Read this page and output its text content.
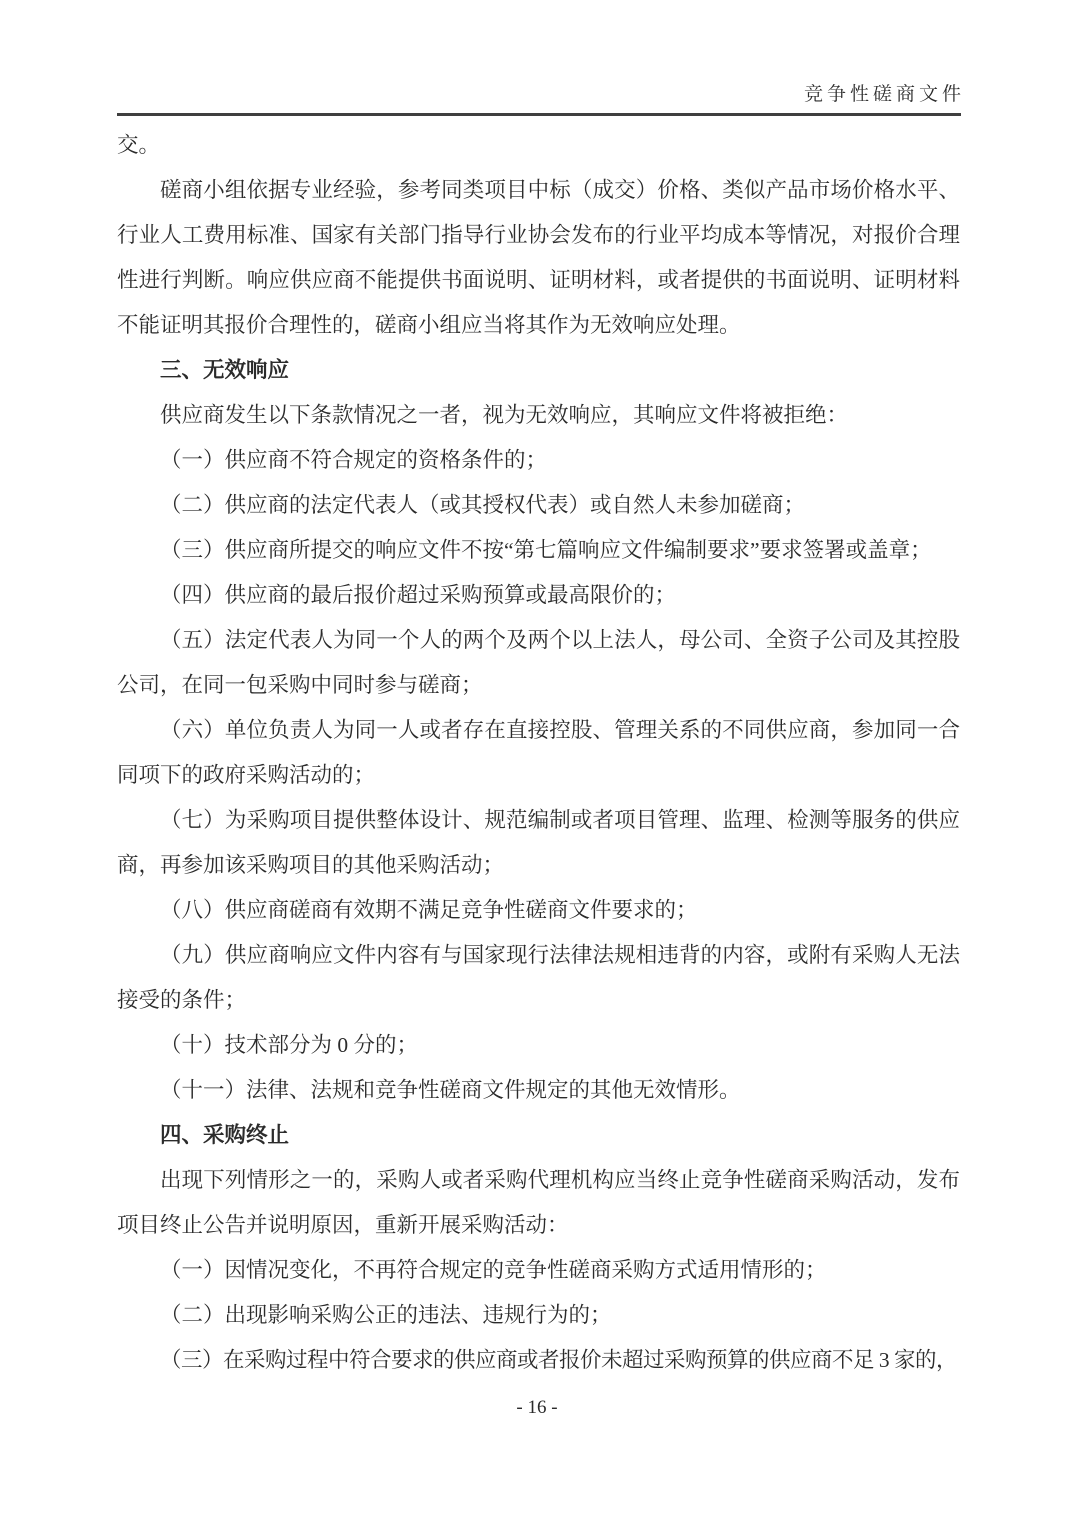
竞争性磋商文件

交。

磋商小组依据专业经验，参考同类项目中标（成交）价格、类似产品市场价格水平、行业人工费用标准、国家有关部门指导行业协会发布的行业平均成本等情况，对报价合理性进行判断。响应供应商不能提供书面说明、证明材料，或者提供的书面说明、证明材料不能证明其报价合理性的，磋商小组应当将其作为无效响应处理。

三、无效响应

供应商发生以下条款情况之一者，视为无效响应，其响应文件将被拒绝：

（一）供应商不符合规定的资格条件的；

（二）供应商的法定代表人（或其授权代表）或自然人未参加磋商；

（三）供应商所提交的响应文件不按“第七篇响应文件编制要求”要求签署或盖章；

（四）供应商的最后报价超过采购预算或最高限价的；

（五）法定代表人为同一个人的两个及两个以上法人，母公司、全资子公司及其控股公司，在同一包采购中同时参与磋商；

（六）单位负责人为同一人或者存在直接控股、管理关系的不同供应商，参加同一合同项下的政府采购活动的；

（七）为采购项目提供整体设计、规范编制或者项目管理、监理、检测等服务的供应商，再参加该采购项目的其他采购活动；

（八）供应商磋商有效期不满足竞争性磋商文件要求的；

（九）供应商响应文件内容有与国家现行法律法规相违背的内容，或附有采购人无法接受的条件；

（十）技术部分为 0 分的；

（十一）法律、法规和竞争性磋商文件规定的其他无效情形。

四、采购终止

出现下列情形之一的，采购人或者采购代理机构应当终止竞争性磋商采购活动，发布项目终止公告并说明原因，重新开展采购活动：

（一）因情况变化，不再符合规定的竞争性磋商采购方式适用情形的；

（二）出现影响采购公正的违法、违规行为的；

（三）在采购过程中符合要求的供应商或者报价未超过采购预算的供应商不足 3 家的，

- 16 -
